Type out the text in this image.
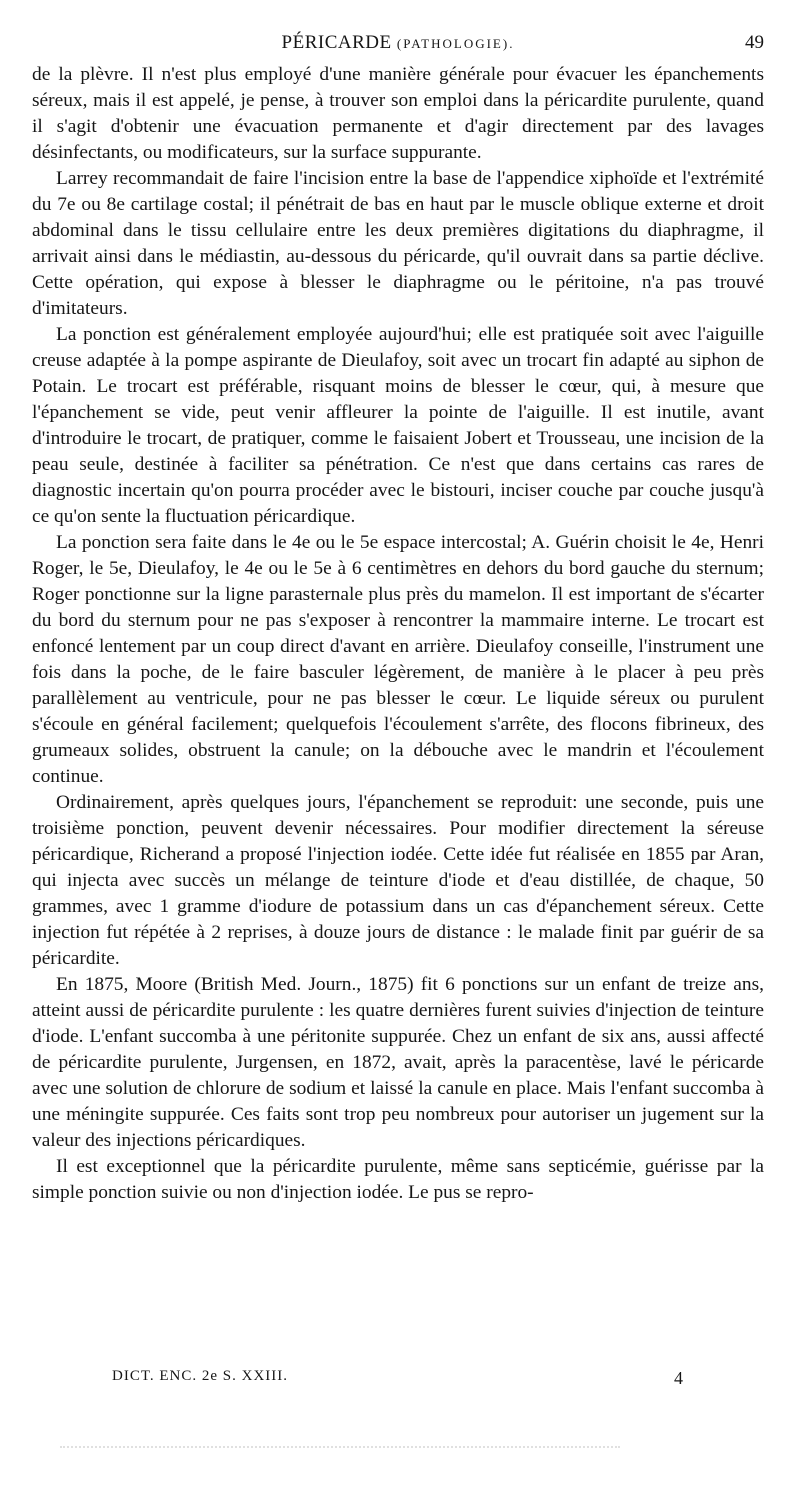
PÉRICARDE (PATHOLOGIE).	49

de la plèvre. Il n'est plus employé d'une manière générale pour évacuer les épanchements séreux, mais il est appelé, je pense, à trouver son emploi dans la péricardite purulente, quand il s'agit d'obtenir une évacuation permanente et d'agir directement par des lavages désinfectants, ou modificateurs, sur la surface suppurante.

Larrey recommandait de faire l'incision entre la base de l'appendice xiphoïde et l'extrémité du 7e ou 8e cartilage costal; il pénétrait de bas en haut par le muscle oblique externe et droit abdominal dans le tissu cellulaire entre les deux premières digitations du diaphragme, il arrivait ainsi dans le médiastin, au-dessous du péricarde, qu'il ouvrait dans sa partie déclive. Cette opération, qui expose à blesser le diaphragme ou le péritoine, n'a pas trouvé d'imitateurs.

La ponction est généralement employée aujourd'hui; elle est pratiquée soit avec l'aiguille creuse adaptée à la pompe aspirante de Dieulafoy, soit avec un trocart fin adapté au siphon de Potain. Le trocart est préférable, risquant moins de blesser le cœur, qui, à mesure que l'épanchement se vide, peut venir affleurer la pointe de l'aiguille. Il est inutile, avant d'introduire le trocart, de pratiquer, comme le faisaient Jobert et Trousseau, une incision de la peau seule, destinée à faciliter sa pénétration. Ce n'est que dans certains cas rares de diagnostic incertain qu'on pourra procéder avec le bistouri, inciser couche par couche jusqu'à ce qu'on sente la fluctuation péricardique.

La ponction sera faite dans le 4e ou le 5e espace intercostal; A. Guérin choisit le 4e, Henri Roger, le 5e, Dieulafoy, le 4e ou le 5e à 6 centimètres en dehors du bord gauche du sternum; Roger ponctionne sur la ligne parasternale plus près du mamelon. Il est important de s'écarter du bord du sternum pour ne pas s'exposer à rencontrer la mammaire interne. Le trocart est enfoncé lentement par un coup direct d'avant en arrière. Dieulafoy conseille, l'instrument une fois dans la poche, de le faire basculer légèrement, de manière à le placer à peu près parallèlement au ventricule, pour ne pas blesser le cœur. Le liquide séreux ou purulent s'écoule en général facilement; quelquefois l'écoulement s'arrête, des flocons fibrineux, des grumeaux solides, obstruent la canule; on la débouche avec le mandrin et l'écoulement continue.

Ordinairement, après quelques jours, l'épanchement se reproduit: une seconde, puis une troisième ponction, peuvent devenir nécessaires. Pour modifier directement la séreuse péricardique, Richerand a proposé l'injection iodée. Cette idée fut réalisée en 1855 par Aran, qui injecta avec succès un mélange de teinture d'iode et d'eau distillée, de chaque, 50 grammes, avec 1 gramme d'iodure de potassium dans un cas d'épanchement séreux. Cette injection fut répétée à 2 reprises, à douze jours de distance : le malade finit par guérir de sa péricardite.

En 1875, Moore (British Med. Journ., 1875) fit 6 ponctions sur un enfant de treize ans, atteint aussi de péricardite purulente : les quatre dernières furent suivies d'injection de teinture d'iode. L'enfant succomba à une péritonite suppurée. Chez un enfant de six ans, aussi affecté de péricardite purulente, Jurgensen, en 1872, avait, après la paracentèse, lavé le péricarde avec une solution de chlorure de sodium et laissé la canule en place. Mais l'enfant succomba à une méningite suppurée. Ces faits sont trop peu nombreux pour autoriser un jugement sur la valeur des injections péricardiques.

Il est exceptionnel que la péricardite purulente, même sans septicémie, guérisse par la simple ponction suivie ou non d'injection iodée. Le pus se repro-

DICT. ENC. 2e S. XXIII.	4
